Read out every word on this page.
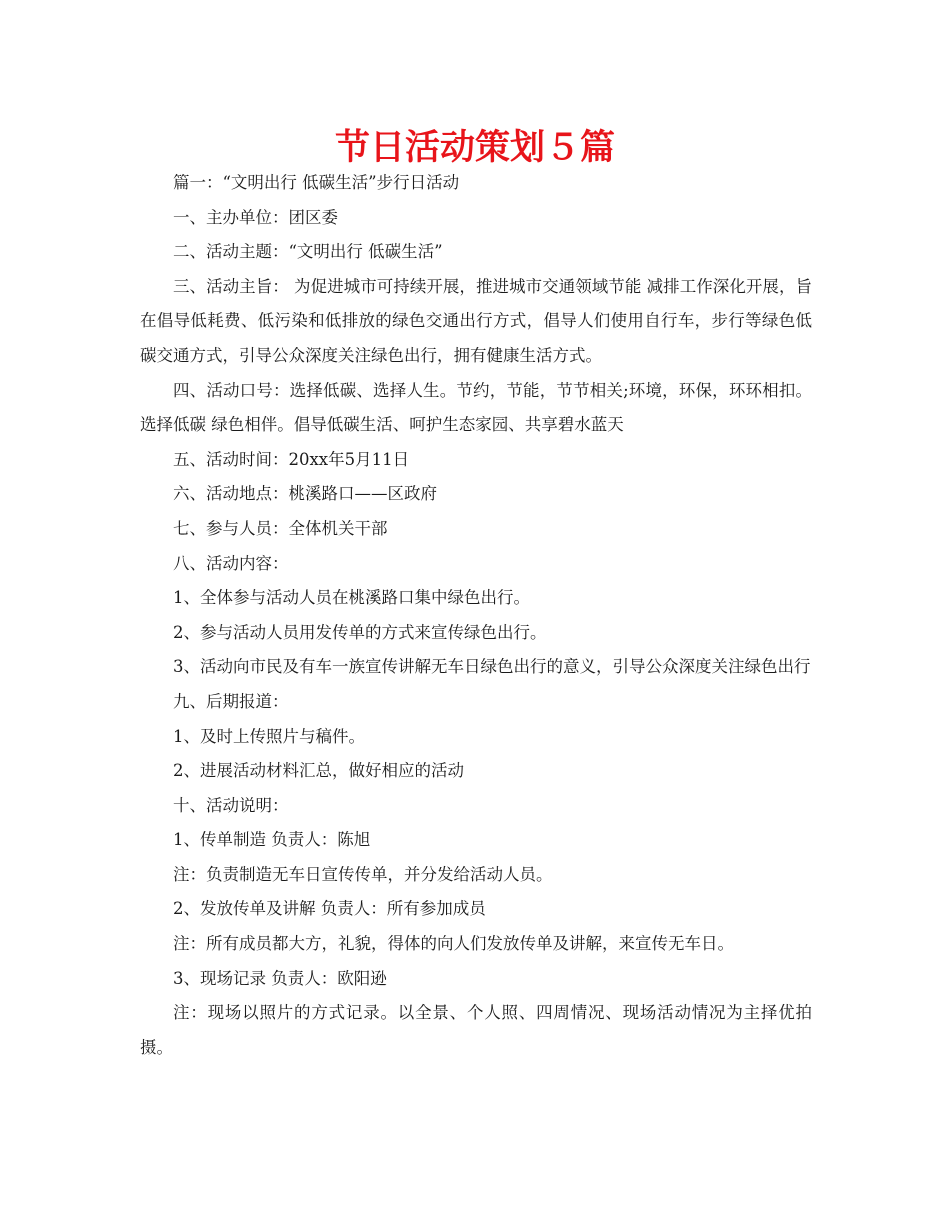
节日活动策划５篇

篇一：“文明出行 低碳生活”步行日活动

一、主办单位：团区委

二、活动主题：“文明出行 低碳生活”

三、活动主旨： 为促进城市可持续开展，推进城市交通领域节能 减排工作深化开展，旨在倡导低耗费、低污染和低排放的绿色交通出行方式，倡导人们使用自行车，步行等绿色低碳交通方式，引导公众深度关注绿色出行，拥有健康生活方式。

四、活动口号：选择低碳、选择人生。节约，节能，节节相关;环境，环保，环环相扣。选择低碳 绿色相伴。倡导低碳生活、呵护生态家园、共享碧水蓝天

五、活动时间：20xx年5月11日

六、活动地点：桃溪路口——区政府

七、参与人员：全体机关干部

八、活动内容：

1、全体参与活动人员在桃溪路口集中绿色出行。

2、参与活动人员用发传单的方式来宣传绿色出行。

3、活动向市民及有车一族宣传讲解无车日绿色出行的意义，引导公众深度关注绿色出行

九、后期报道：

1、及时上传照片与稿件。

2、进展活动材料汇总，做好相应的活动

十、活动说明：

1、传单制造 负责人：陈旭

注：负责制造无车日宣传传单，并分发给活动人员。

2、发放传单及讲解 负责人：所有参加成员

注：所有成员都大方，礼貌，得体的向人们发放传单及讲解，来宣传无车日。

3、现场记录 负责人：欧阳逊

注：现场以照片的方式记录。以全景、个人照、四周情况、现场活动情况为主择优拍摄。
